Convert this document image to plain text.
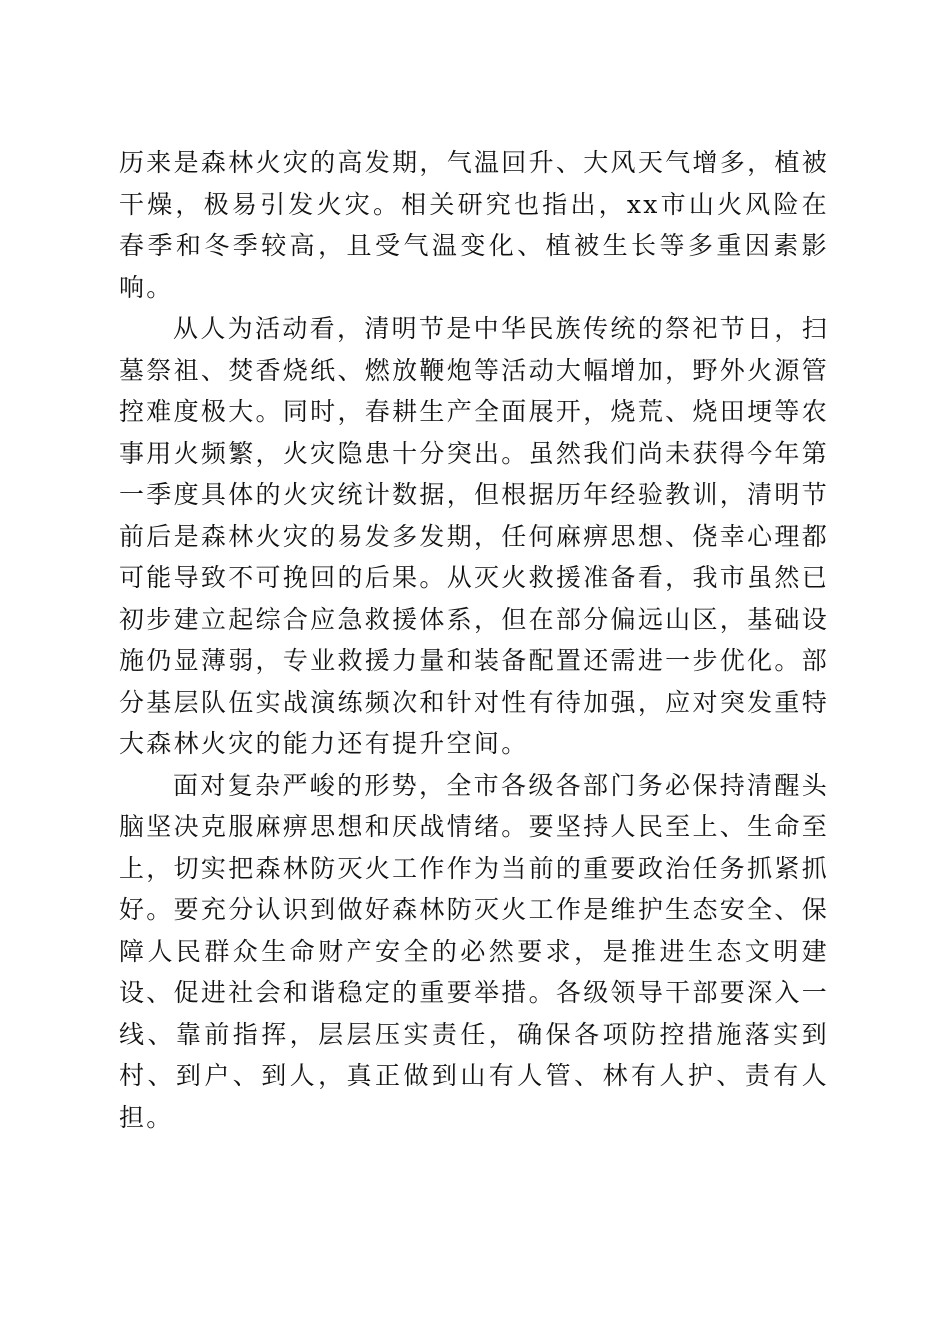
历来是森林火灾的高发期，气温回升、大风天气增多，植被干燥，极易引发火灾。相关研究也指出，xx市山火风险在春季和冬季较高，且受气温变化、植被生长等多重因素影响。

从人为活动看，清明节是中华民族传统的祭祀节日，扫墓祭祖、焚香烧纸、燃放鞭炮等活动大幅增加，野外火源管控难度极大。同时，春耕生产全面展开，烧荒、烧田埂等农事用火频繁，火灾隐患十分突出。虽然我们尚未获得今年第一季度具体的火灾统计数据，但根据历年经验教训，清明节前后是森林火灾的易发多发期，任何麻痹思想、侥幸心理都可能导致不可挽回的后果。从灭火救援准备看，我市虽然已初步建立起综合应急救援体系，但在部分偏远山区，基础设施仍显薄弱，专业救援力量和装备配置还需进一步优化。部分基层队伍实战演练频次和针对性有待加强，应对突发重特大森林火灾的能力还有提升空间。

面对复杂严峻的形势，全市各级各部门务必保持清醒头脑坚决克服麻痹思想和厌战情绪。要坚持人民至上、生命至上，切实把森林防灭火工作作为当前的重要政治任务抓紧抓好。要充分认识到做好森林防灭火工作是维护生态安全、保障人民群众生命财产安全的必然要求，是推进生态文明建设、促进社会和谐稳定的重要举措。各级领导干部要深入一线、靠前指挥，层层压实责任，确保各项防控措施落实到村、到户、到人，真正做到山有人管、林有人护、责有人担。
